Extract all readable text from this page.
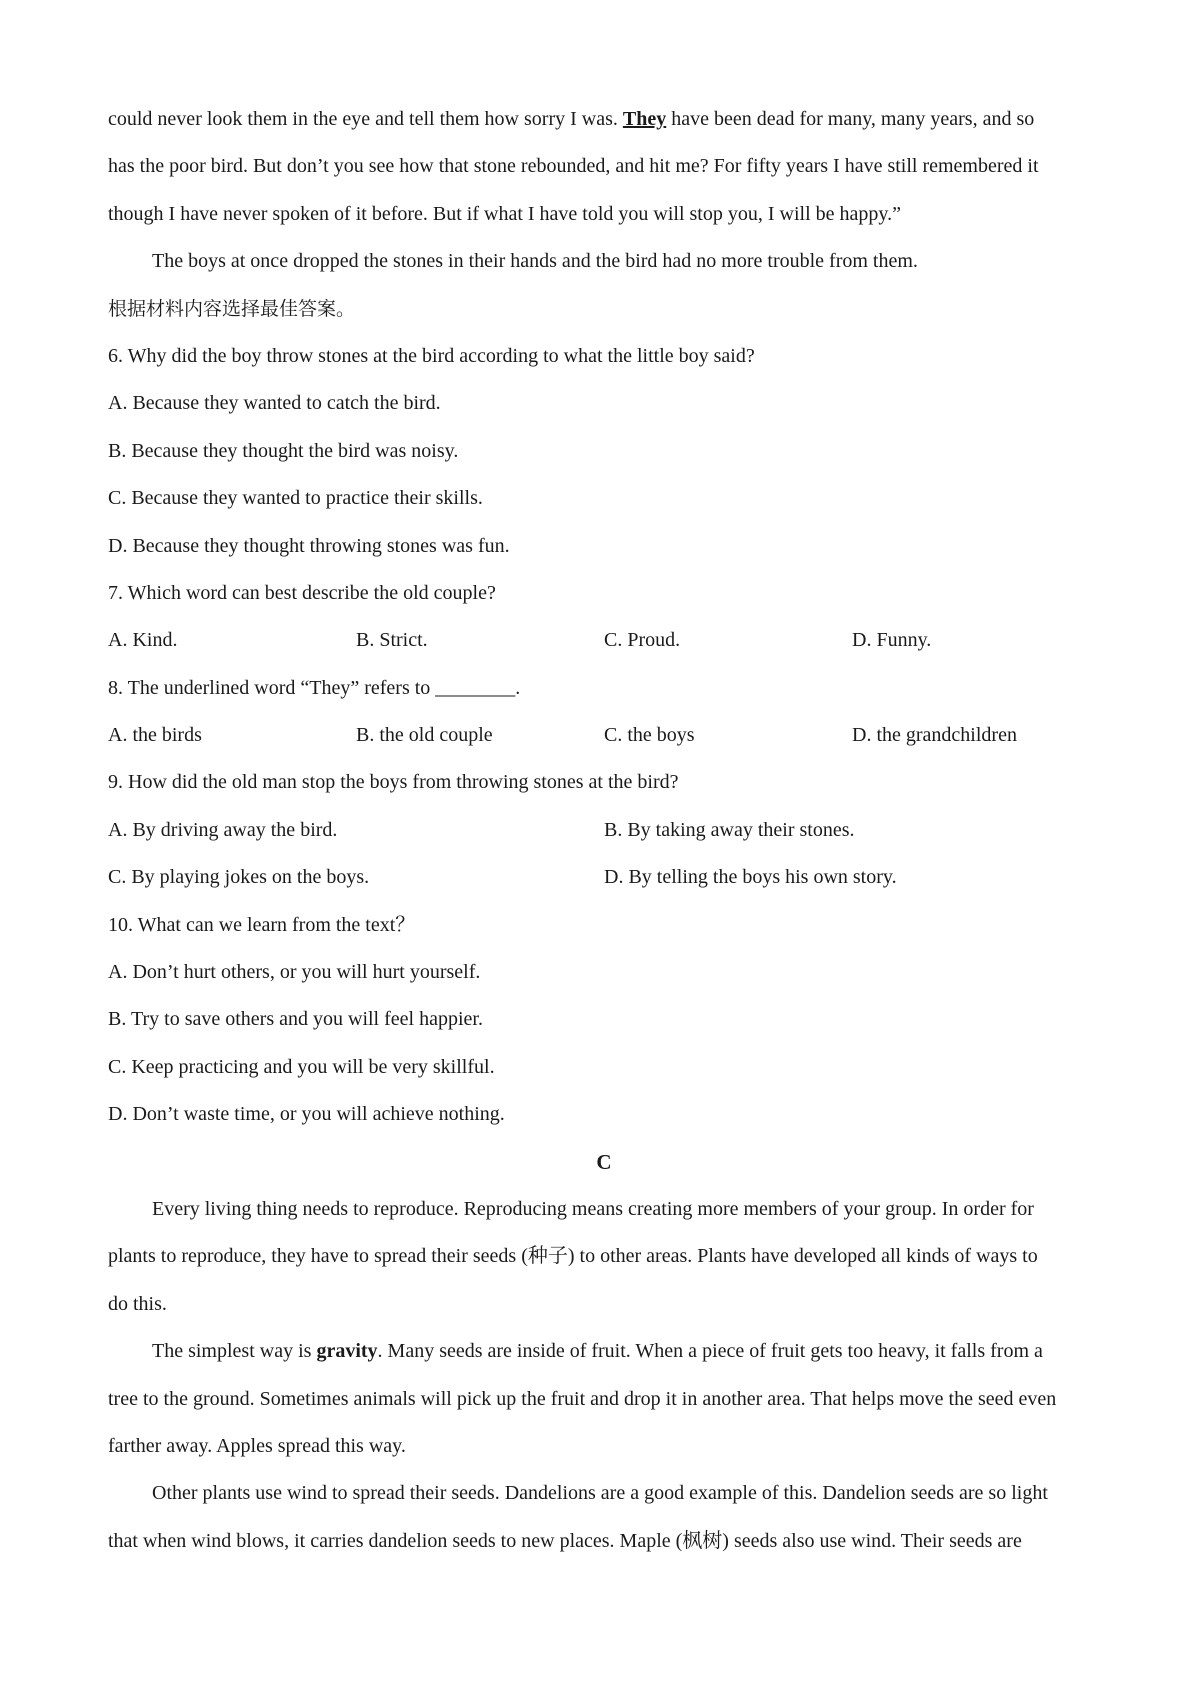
could never look them in the eye and tell them how sorry I was. They have been dead for many, many years, and so
has the poor bird. But don’t you see how that stone rebounded, and hit me? For fifty years I have still remembered it
though I have never spoken of it before. But if what I have told you will stop you, I will be happy.”
The boys at once dropped the stones in their hands and the bird had no more trouble from them.
根据材料内容选择最佳答案。
6. Why did the boy throw stones at the bird according to what the little boy said?
A. Because they wanted to catch the bird.
B. Because they thought the bird was noisy.
C. Because they wanted to practice their skills.
D. Because they thought throwing stones was fun.
7. Which word can best describe the old couple?
A. Kind.	B. Strict.	C. Proud.	D. Funny.
8. The underlined word “They” refers to ________.
A. the birds	B. the old couple	C. the boys	D. the grandchildren
9. How did the old man stop the boys from throwing stones at the bird?
A. By driving away the bird.	B. By taking away their stones.
C. By playing jokes on the boys.	D. By telling the boys his own story.
10. What can we learn from the text？
A. Don’t hurt others, or you will hurt yourself.
B. Try to save others and you will feel happier.
C. Keep practicing and you will be very skillful.
D. Don’t waste time, or you will achieve nothing.
C
Every living thing needs to reproduce. Reproducing means creating more members of your group. In order for
plants to reproduce, they have to spread their seeds (种子) to other areas. Plants have developed all kinds of ways to
do this.
The simplest way is gravity. Many seeds are inside of fruit. When a piece of fruit gets too heavy, it falls from a
tree to the ground. Sometimes animals will pick up the fruit and drop it in another area. That helps move the seed even
farther away. Apples spread this way.
Other plants use wind to spread their seeds. Dandelions are a good example of this. Dandelion seeds are so light
that when wind blows, it carries dandelion seeds to new places. Maple (枫树) seeds also use wind. Their seeds are
